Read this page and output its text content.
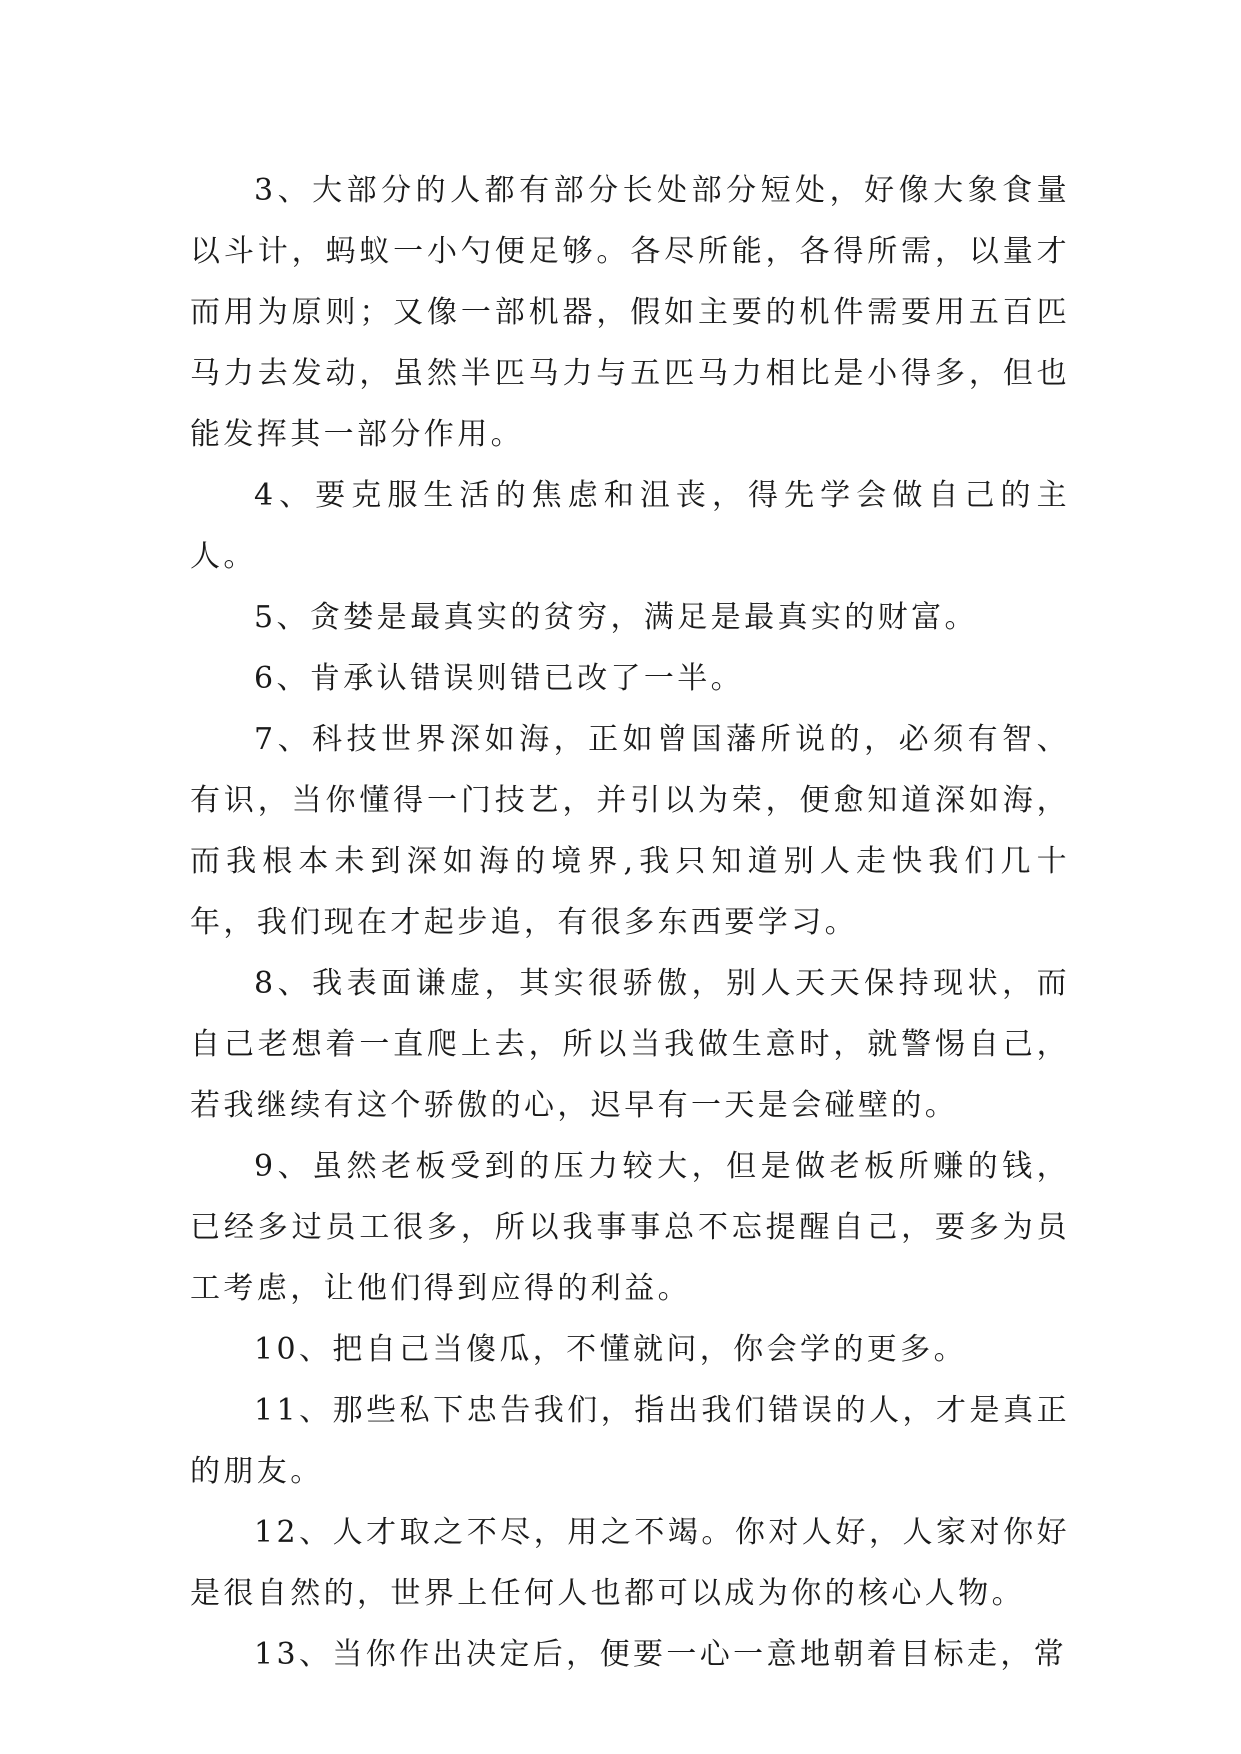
3、大部分的人都有部分长处部分短处，好像大象食量以斗计，蚂蚁一小勺便足够。各尽所能，各得所需，以量才而用为原则；又像一部机器，假如主要的机件需要用五百匹马力去发动，虽然半匹马力与五匹马力相比是小得多，但也能发挥其一部分作用。

4、要克服生活的焦虑和沮丧，得先学会做自己的主人。

5、贪婪是最真实的贫穷，满足是最真实的财富。

6、肯承认错误则错已改了一半。

7、科技世界深如海，正如曾国藩所说的，必须有智、有识，当你懂得一门技艺，并引以为荣，便愈知道深如海，而我根本未到深如海的境界,我只知道别人走快我们几十年，我们现在才起步追，有很多东西要学习。

8、我表面谦虚，其实很骄傲，别人天天保持现状，而自己老想着一直爬上去，所以当我做生意时，就警惕自己，若我继续有这个骄傲的心，迟早有一天是会碰壁的。

9、虽然老板受到的压力较大，但是做老板所赚的钱，已经多过员工很多，所以我事事总不忘提醒自己，要多为员工考虑，让他们得到应得的利益。

10、把自己当傻瓜，不懂就问，你会学的更多。

11、那些私下忠告我们，指出我们错误的人，才是真正的朋友。

12、人才取之不尽，用之不竭。你对人好，人家对你好是很自然的，世界上任何人也都可以成为你的核心人物。

13、当你作出决定后，便要一心一意地朝着目标走，常
